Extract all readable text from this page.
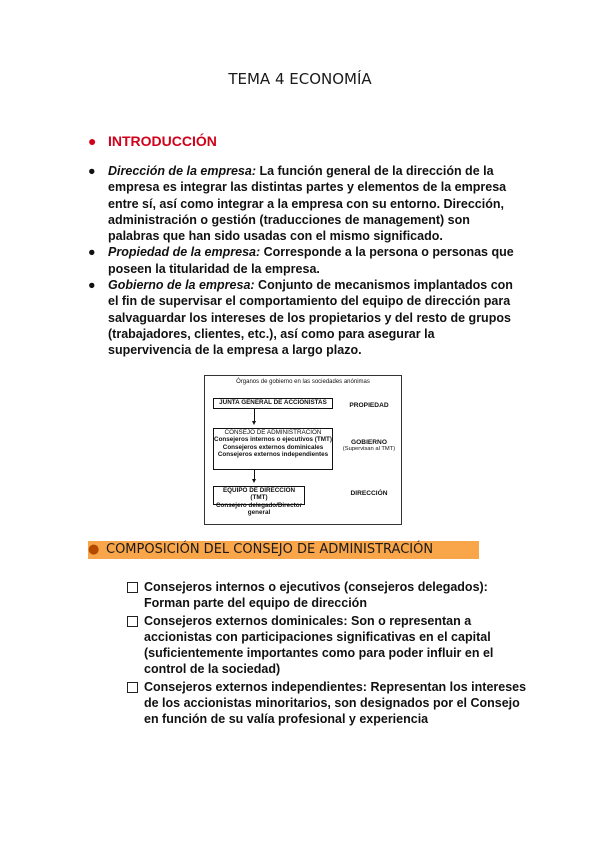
TEMA 4 ECONOMÍA
● INTRODUCCIÓN
● Dirección de la empresa: La función general de la dirección de la empresa es integrar las distintas partes y elementos de la empresa entre sí, así como integrar a la empresa con su entorno. Dirección, administración o gestión (traducciones de management) son palabras que han sido usadas con el mismo significado.
● Propiedad de la empresa: Corresponde a la persona o personas que poseen la titularidad de la empresa.
● Gobierno de la empresa: Conjunto de mecanismos implantados con el fin de supervisar el comportamiento del equipo de dirección para salvaguardar los intereses de los propietarios y del resto de grupos (trabajadores, clientes, etc.), así como para asegurar la supervivencia de la empresa a largo plazo.
Órganos de gobierno en las sociedades anónimas
JUNTA GENERAL DE ACCIONISTAS	PROPIEDAD
CONSEJO DE ADMINISTRACIÓN
Consejeros internos o ejecutivos (TMT)
Consejeros externos dominicales
Consejeros externos independientes
GOBIERNO
(Supervisan al TMT)
EQUIPO DE DIRECCIÓN (TMT)
Consejero delegado/Director general
DIRECCIÓN
● COMPOSICIÓN DEL CONSEJO DE ADMINISTRACIÓN
Consejeros internos o ejecutivos (consejeros delegados): Forman parte del equipo de dirección
Consejeros externos dominicales: Son o representan a accionistas con participaciones significativas en el capital (suficientemente importantes como para poder influir en el control de la sociedad)
Consejeros externos independientes: Representan los intereses de los accionistas minoritarios, son designados por el Consejo en función de su valía profesional y experiencia
